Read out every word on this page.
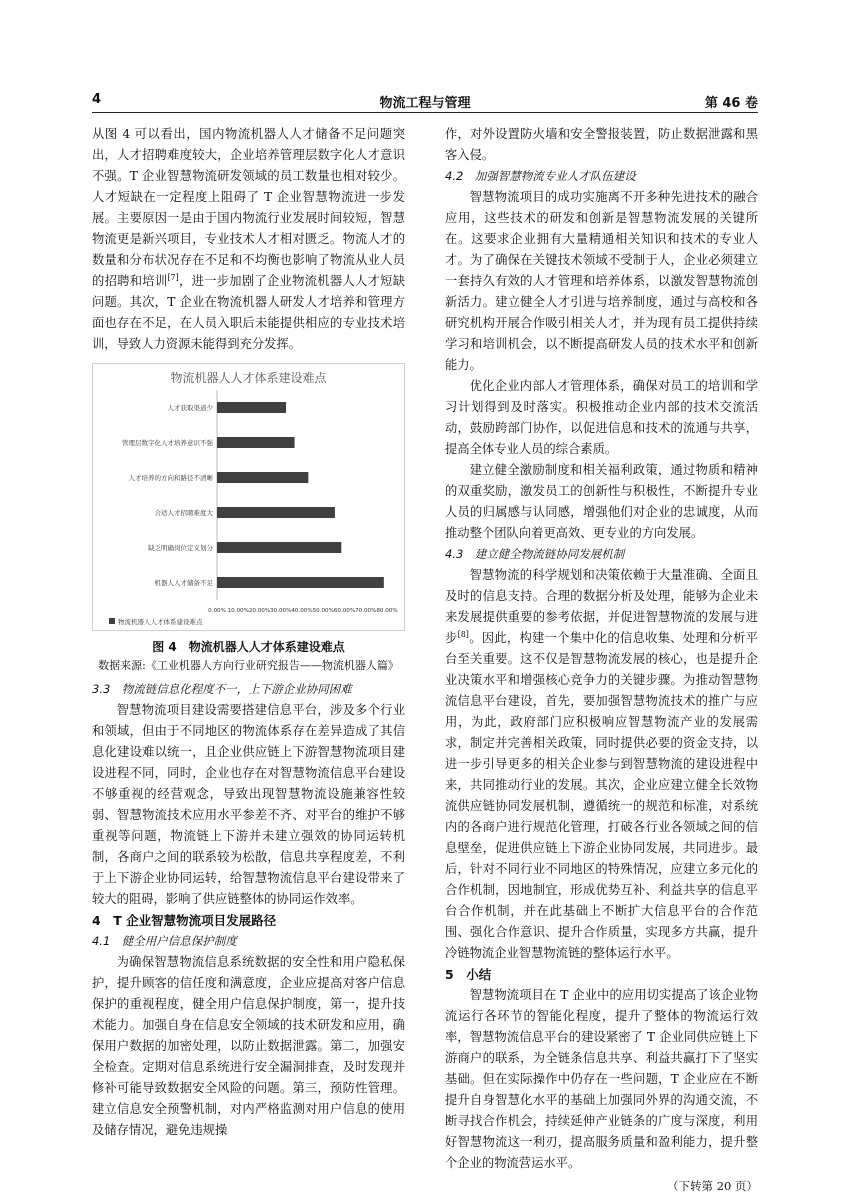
4	物流工程与管理	第 46 卷

从图 4 可以看出，国内物流机器人人才储备不足问题突出，人才招聘难度较大，企业培养管理层数字化人才意识不强。T 企业智慧物流研发领域的员工数量也相对较少。人才短缺在一定程度上阻碍了 T 企业智慧物流进一步发展。主要原因一是由于国内物流行业发展时间较短，智慧物流更是新兴项目，专业技术人才相对匮乏。物流人才的数量和分布状况存在不足和不均衡也影响了物流从业人员的招聘和培训[7]，进一步加剧了企业物流机器人人才短缺问题。其次，T 企业在物流机器人研发人才培养和管理方面也存在不足，在人员入职后未能提供相应的专业技术培训，导致人力资源未能得到充分发挥。

物流机器人人才体系建设难点
人才获取渠道少
管理层数字化人才培养意识不强
人才培养的方向和路径不清晰
合适人才招聘难度大
缺乏明确岗位定义划分
机器人人才储备不足
0.00% 10.00% 20.00% 30.00% 40.00% 50.00% 60.00% 70.00% 80.00%
物流机器人人才体系建设难点
图 4　物流机器人人才体系建设难点
数据来源:《工业机器人方向行业研究报告——物流机器人篇》
3.3　物流链信息化程度不一，上下游企业协同困难

智慧物流项目建设需要搭建信息平台，涉及多个行业和领域，但由于不同地区的物流体系存在差异造成了其信息化建设难以统一，且企业供应链上下游智慧物流项目建设进程不同，同时，企业也存在对智慧物流信息平台建设不够重视的经营观念，导致出现智慧物流设施兼容性较弱、智慧物流技术应用水平参差不齐、对平台的维护不够重视等问题，物流链上下游并未建立强效的协同运转机制，各商户之间的联系较为松散，信息共享程度差，不利于上下游企业协同运转，给智慧物流信息平台建设带来了较大的阻碍，影响了供应链整体的协同运作效率。

4　T 企业智慧物流项目发展路径
4.1　健全用户信息保护制度

为确保智慧物流信息系统数据的安全性和用户隐私保护，提升顾客的信任度和满意度，企业应提高对客户信息保护的重视程度，健全用户信息保护制度，第一，提升技术能力。加强自身在信息安全领域的技术研发和应用，确保用户数据的加密处理，以防止数据泄露。第二，加强安全检查。定期对信息系统进行安全漏洞排查，及时发现并修补可能导致数据安全风险的问题。第三，预防性管理。建立信息安全预警机制，对内严格监测对用户信息的使用及储存情况，避免违规操

作，对外设置防火墙和安全警报装置，防止数据泄露和黑客入侵。

4.2　加强智慧物流专业人才队伍建设

智慧物流项目的成功实施离不开多种先进技术的融合应用，这些技术的研发和创新是智慧物流发展的关键所在。这要求企业拥有大量精通相关知识和技术的专业人才。为了确保在关键技术领域不受制于人，企业必须建立一套持久有效的人才管理和培养体系，以激发智慧物流创新活力。建立健全人才引进与培养制度，通过与高校和各研究机构开展合作吸引相关人才，并为现有员工提供持续学习和培训机会，以不断提高研发人员的技术水平和创新能力。

优化企业内部人才管理体系，确保对员工的培训和学习计划得到及时落实。积极推动企业内部的技术交流活动，鼓励跨部门协作，以促进信息和技术的流通与共享，提高全体专业人员的综合素质。

建立健全激励制度和相关福利政策，通过物质和精神的双重奖励，激发员工的创新性与积极性，不断提升专业人员的归属感与认同感，增强他们对企业的忠诚度，从而推动整个团队向着更高效、更专业的方向发展。

4.3　建立健全物流链协同发展机制

智慧物流的科学规划和决策依赖于大量准确、全面且及时的信息支持。合理的数据分析及处理，能够为企业未来发展提供重要的参考依据，并促进智慧物流的发展与进步[8]。因此，构建一个集中化的信息收集、处理和分析平台至关重要。这不仅是智慧物流发展的核心，也是提升企业决策水平和增强核心竞争力的关键步骤。为推动智慧物流信息平台建设，首先，要加强智慧物流技术的推广与应用，为此，政府部门应积极响应智慧物流产业的发展需求，制定并完善相关政策，同时提供必要的资金支持，以进一步引导更多的相关企业参与到智慧物流的建设进程中来，共同推动行业的发展。其次，企业应建立健全长效物流供应链协同发展机制，遵循统一的规范和标准，对系统内的各商户进行规范化管理，打破各行业各领域之间的信息壁垒，促进供应链上下游企业协同发展，共同进步。最后，针对不同行业不同地区的特殊情况，应建立多元化的合作机制，因地制宜，形成优势互补、利益共享的信息平台合作机制，并在此基础上不断扩大信息平台的合作范围、强化合作意识、提升合作质量，实现多方共赢，提升冷链物流企业智慧物流链的整体运行水平。

5　小结

智慧物流项目在 T 企业中的应用切实提高了该企业物流运行各环节的智能化程度，提升了整体的物流运行效率，智慧物流信息平台的建设紧密了 T 企业同供应链上下游商户的联系，为全链条信息共享、利益共赢打下了坚实基础。但在实际操作中仍存在一些问题，T 企业应在不断提升自身智慧化水平的基础上加强同外界的沟通交流，不断寻找合作机会，持续延伸产业链条的广度与深度，利用好智慧物流这一利刃，提高服务质量和盈利能力，提升整个企业的物流营运水平。

（下转第 20 页）
